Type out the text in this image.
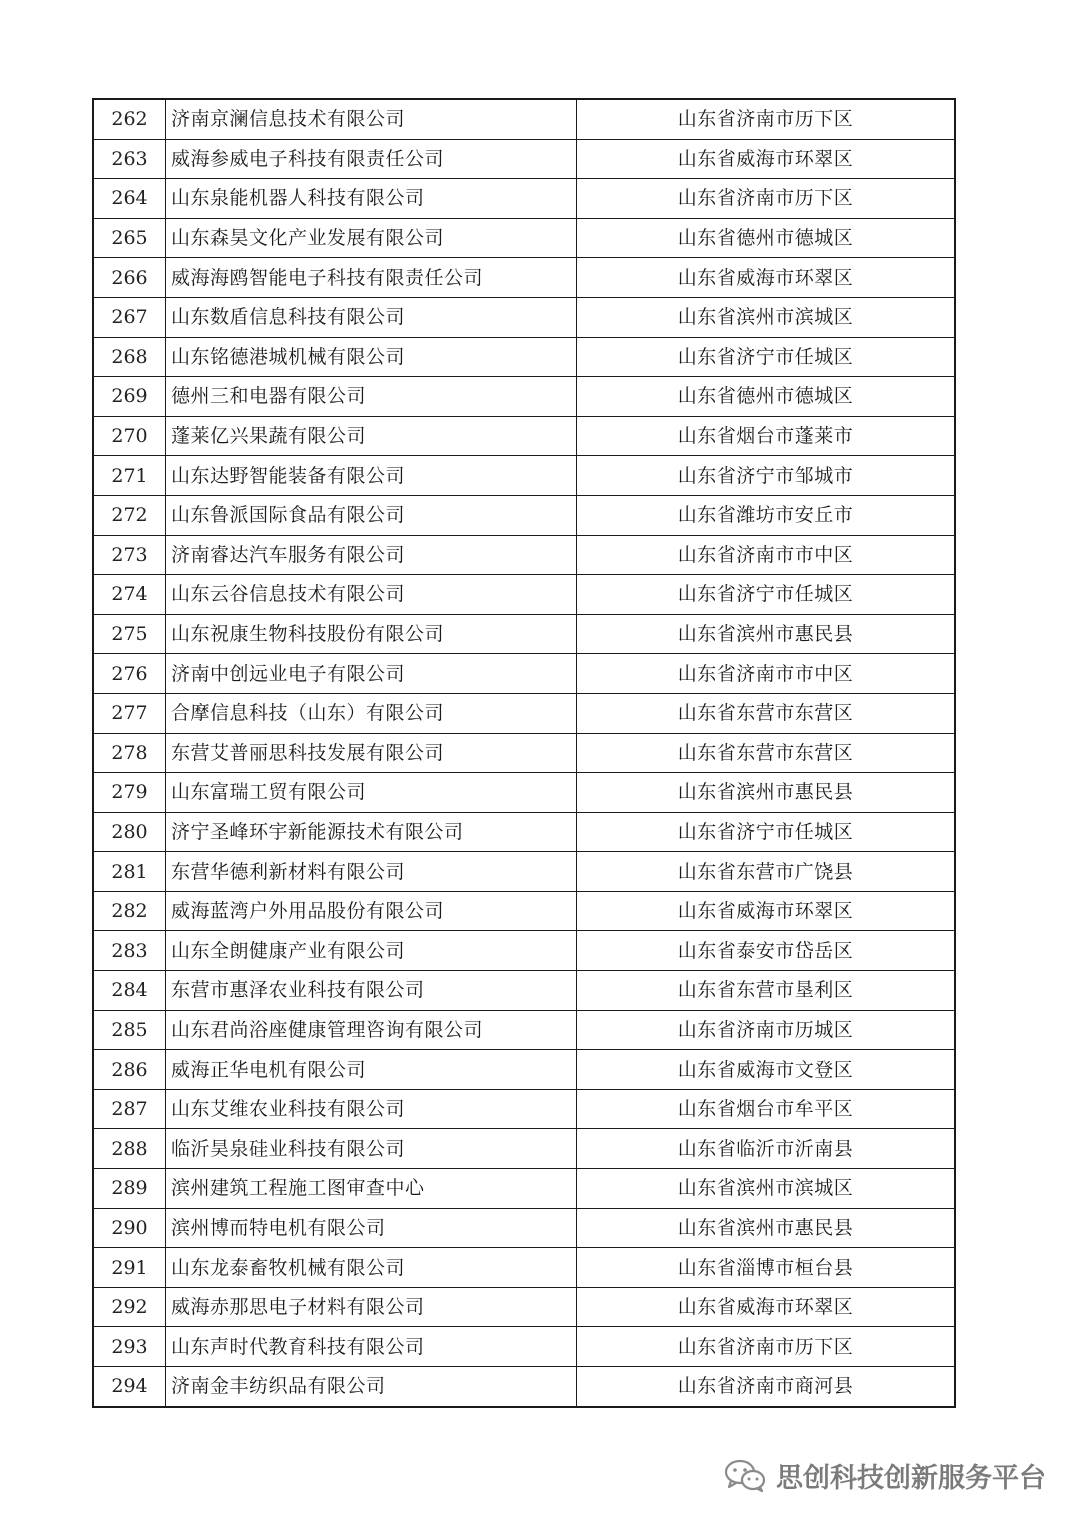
262	济南京澜信息技术有限公司	山东省济南市历下区
263	威海参威电子科技有限责任公司	山东省威海市环翠区
264	山东泉能机器人科技有限公司	山东省济南市历下区
265	山东森昊文化产业发展有限公司	山东省德州市德城区
266	威海海鸥智能电子科技有限责任公司	山东省威海市环翠区
267	山东数盾信息科技有限公司	山东省滨州市滨城区
268	山东铭德港城机械有限公司	山东省济宁市任城区
269	德州三和电器有限公司	山东省德州市德城区
270	蓬莱亿兴果蔬有限公司	山东省烟台市蓬莱市
271	山东达野智能装备有限公司	山东省济宁市邹城市
272	山东鲁派国际食品有限公司	山东省潍坊市安丘市
273	济南睿达汽车服务有限公司	山东省济南市市中区
274	山东云谷信息技术有限公司	山东省济宁市任城区
275	山东祝康生物科技股份有限公司	山东省滨州市惠民县
276	济南中创远业电子有限公司	山东省济南市市中区
277	合摩信息科技（山东）有限公司	山东省东营市东营区
278	东营艾普丽思科技发展有限公司	山东省东营市东营区
279	山东富瑞工贸有限公司	山东省滨州市惠民县
280	济宁圣峰环宇新能源技术有限公司	山东省济宁市任城区
281	东营华德利新材料有限公司	山东省东营市广饶县
282	威海蓝湾户外用品股份有限公司	山东省威海市环翠区
283	山东全朗健康产业有限公司	山东省泰安市岱岳区
284	东营市惠泽农业科技有限公司	山东省东营市垦利区
285	山东君尚浴座健康管理咨询有限公司	山东省济南市历城区
286	威海正华电机有限公司	山东省威海市文登区
287	山东艾维农业科技有限公司	山东省烟台市牟平区
288	临沂昊泉硅业科技有限公司	山东省临沂市沂南县
289	滨州建筑工程施工图审查中心	山东省滨州市滨城区
290	滨州博而特电机有限公司	山东省滨州市惠民县
291	山东龙泰畜牧机械有限公司	山东省淄博市桓台县
292	威海赤那思电子材料有限公司	山东省威海市环翠区
293	山东声时代教育科技有限公司	山东省济南市历下区
294	济南金丰纺织品有限公司	山东省济南市商河县
思创科技创新服务平台
